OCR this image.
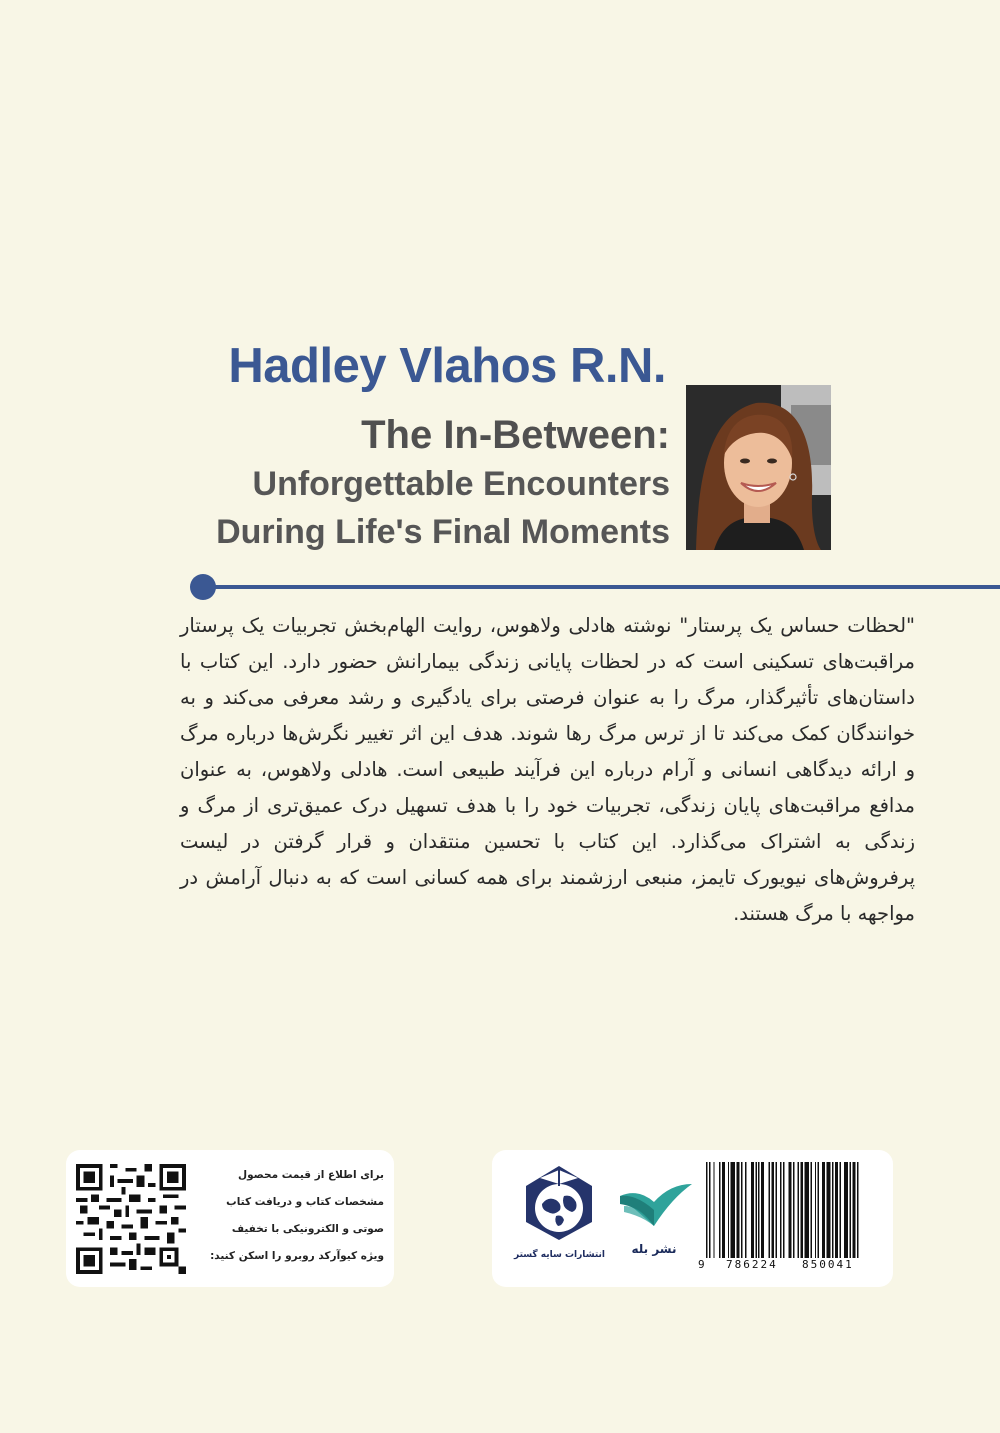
Hadley Vlahos R.N.
The In-Between:
Unforgettable Encounters
During Life's Final Moments
"لحظات حساس یک پرستار" نوشته هادلی ولاهوس، روایت الهام‌بخش تجربیات یک پرستار مراقبت‌های تسکینی است که در لحظات پایانی زندگی بیمارانش حضور دارد. این کتاب با داستان‌های تأثیرگذار، مرگ را به عنوان فرصتی برای یادگیری و رشد معرفی می‌کند و به خوانندگان کمک می‌کند تا از ترس مرگ رها شوند. هدف این اثر تغییر نگرش‌ها درباره مرگ و ارائه دیدگاهی انسانی و آرام درباره این فرآیند طبیعی است. هادلی ولاهوس، به عنوان مدافع مراقبت‌های پایان زندگی، تجربیات خود را با هدف تسهیل درک عمیق‌تری از مرگ و زندگی به اشتراک می‌گذارد. این کتاب با تحسین منتقدان و قرار گرفتن در لیست پرفروش‌های نیویورک تایمز، منبعی ارزشمند برای همه کسانی است که به دنبال آرامش در مواجهه با مرگ هستند.
برای اطلاع از قیمت محصول
مشخصات کتاب و دریافت کتاب
صوتی و الکترونیکی با تخفیف
ویژه کیوآرکد روبرو را اسکن کنید:	انتشارات سایه گستر	نشر بله
9 786224 850041
